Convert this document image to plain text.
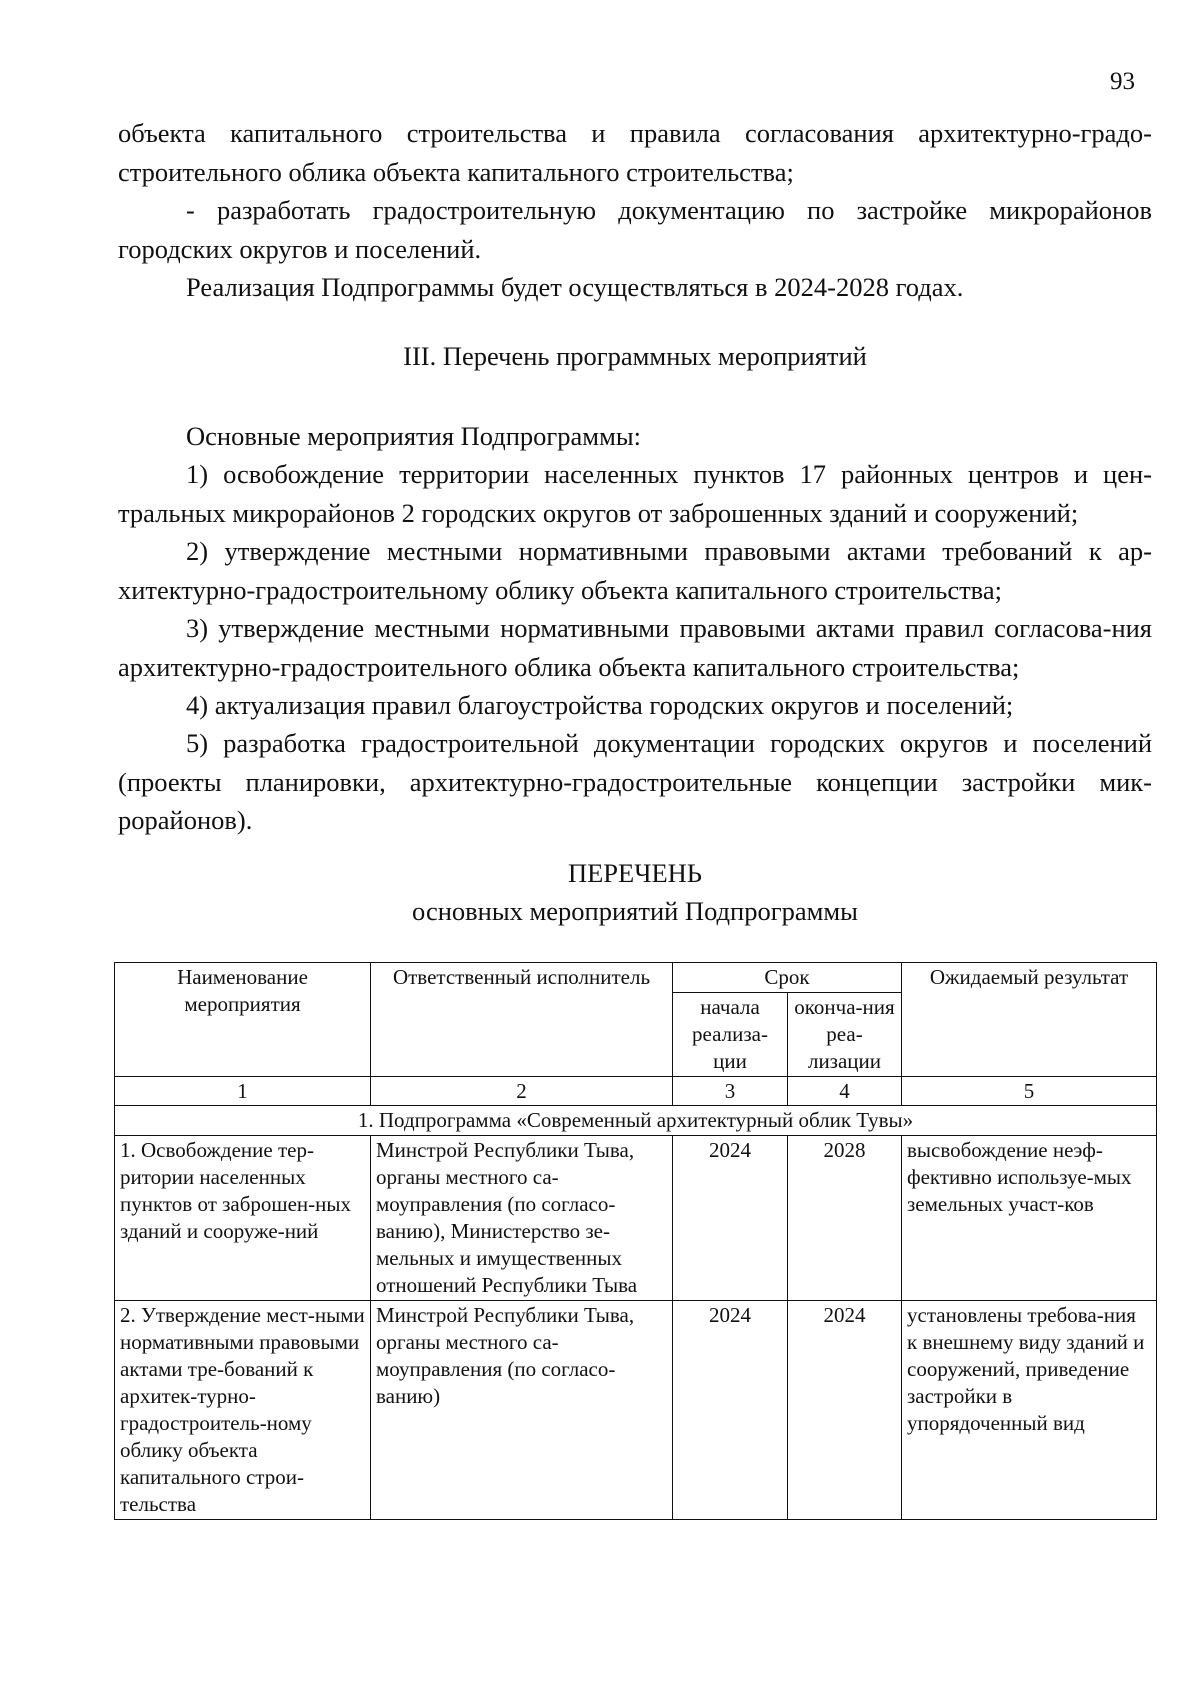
93

объекта капитального строительства и правила согласования архитектурно-градо-строительного облика объекта капитального строительства;

- разработать градостроительную документацию по застройке микрорайонов городских округов и поселений.

Реализация Подпрограммы будет осуществляться в 2024-2028 годах.

III. Перечень программных мероприятий

Основные мероприятия Подпрограммы:

1) освобождение территории населенных пунктов 17 районных центров и цен-тральных микрорайонов 2 городских округов от заброшенных зданий и сооружений;

2) утверждение местными нормативными правовыми актами требований к ар-хитектурно-градостроительному облику объекта капитального строительства;

3) утверждение местными нормативными правовыми актами правил согласова-ния архитектурно-градостроительного облика объекта капитального строительства;

4) актуализация правил благоустройства городских округов и поселений;

5) разработка градостроительной документации городских округов и поселений (проекты планировки, архитектурно-градостроительные концепции застройки мик-рорайонов).

ПЕРЕЧЕНЬ
основных мероприятий Подпрограммы
Наименование мероприятия	Ответственный исполнитель	Срок		Ожидаемый результат
		начала реализа-ции	оконча-ния реа-лизации	
1	2	3	4	5
1. Подпрограмма «Современный архитектурный облик Тувы»				
1. Освобождение тер-ритории населенных пунктов от заброшен-ных зданий и сооруже-ний	Минстрой Республики Тыва, органы местного са-моуправления (по согласо-ванию), Министерство зе-мельных и имущественных отношений Республики Тыва	2024	2028	высвобождение неэф-фективно используе-мых земельных участ-ков
2. Утверждение мест-ными нормативными правовыми актами тре-бований к архитек-турно- градостроитель-ному облику объекта капитального строи-тельства	Минстрой Республики Тыва, органы местного са-моуправления (по согласо-ванию)	2024	2024	установлены требова-ния к внешнему виду зданий и сооружений, приведение застройки в упорядоченный вид
